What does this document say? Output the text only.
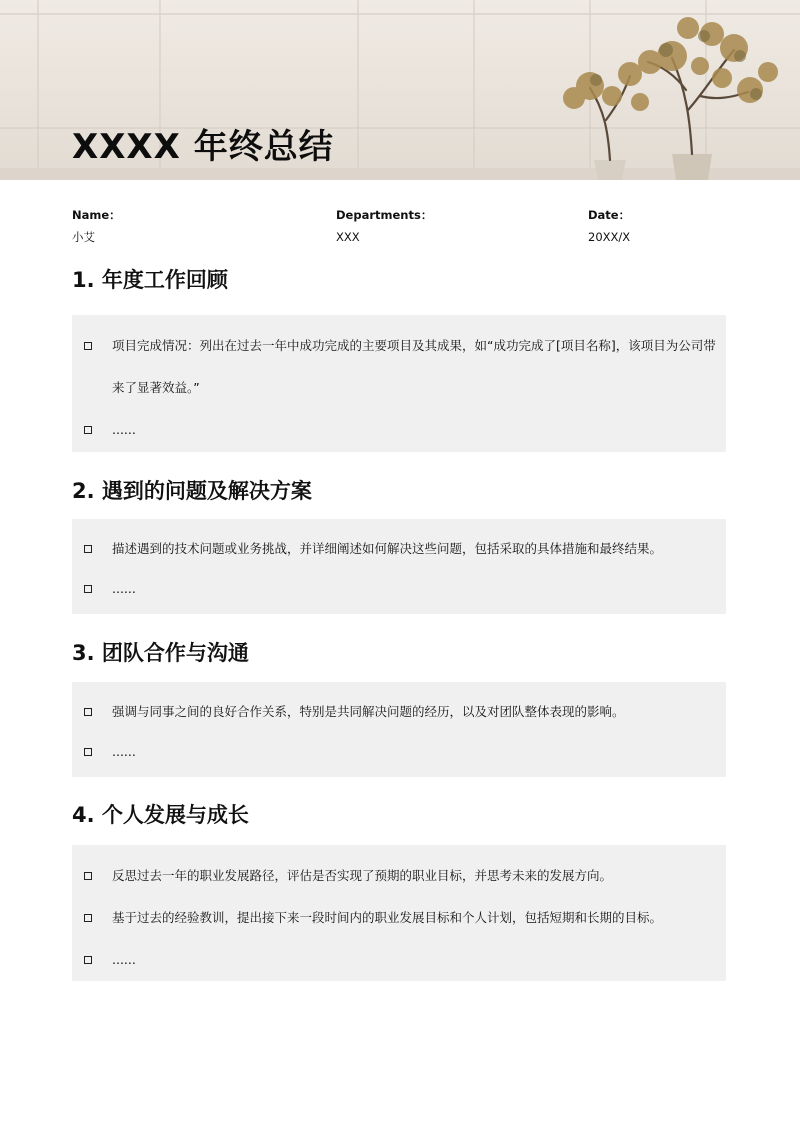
XXXX 年终总结
Name：
小艾
Departments：
XXX
Date：
20XX/X
1. 年度工作回顾
项目完成情况：列出在过去一年中成功完成的主要项目及其成果，如“成功完成了[项目名称]，该项目为公司带来了显著效益。”
......
2. 遇到的问题及解决方案
描述遇到的技术问题或业务挑战，并详细阐述如何解决这些问题，包括采取的具体措施和最终结果。
......
3. 团队合作与沟通
强调与同事之间的良好合作关系，特别是共同解决问题的经历，以及对团队整体表现的影响。
......
4. 个人发展与成长
反思过去一年的职业发展路径，评估是否实现了预期的职业目标，并思考未来的发展方向。
基于过去的经验教训，提出接下来一段时间内的职业发展目标和个人计划，包括短期和长期的目标。
......
